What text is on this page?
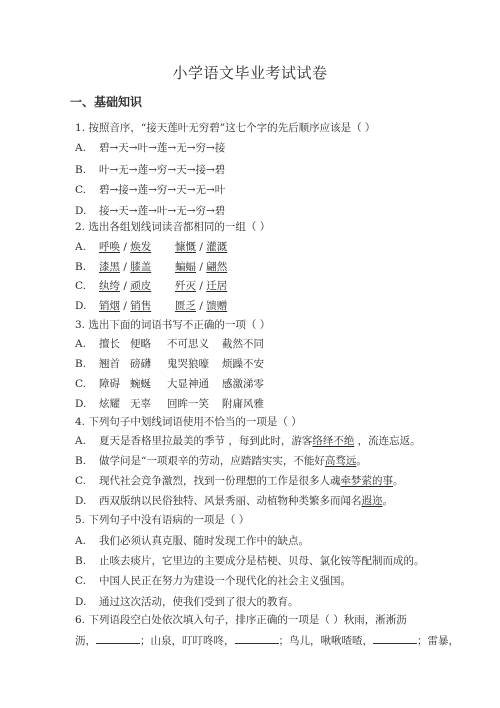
小学语文毕业考试试卷
一、基础知识
1. 按照音序，“接天莲叶无穷碧”这七个字的先后顺序应该是（ ）
A. 碧→天→叶→莲→无→穷→接
B. 叶→无→莲→穷→天→接→碧
C. 碧→接→莲→穷→天→无→叶
D. 接→天→莲→叶→无→穷→碧
2. 选出各组划线词读音都相同的一组（ ）
A. 呼唤 / 焕发 慷慨 / 灌溉
B. 漆黑 / 膝盖 蝙蝠 / 翩然
C. 纨绔 / 顽皮 歼灭 / 迁居
D. 销烟 / 销售 匮乏 / 馈赠
3. 选出下面的词语书写不正确的一项（ ）
A. 擅长 便略 不可思义 截然不同
B. 翘首 磅礴 鬼哭狼嚎 烦躁不安
C. 障碍 蜿蜒 大显神通 感激涕零
D. 炫耀 无辜 回眸一笑 附庸风雅
4. 下列句子中划线词语使用不恰当的一项是（ ）
A. 夏天是香格里拉最美的季节 ，每到此时，游客络绎不绝 ，流连忘返。
B. 做学问是“一项艰辛的劳动，应踏踏实实，不能好高骛远。
C. 现代社会竞争激烈，找到一份理想的工作是很多人魂牵梦萦的事。
D. 西双版纳以民俗独特、风景秀丽、动植物种类繁多而闻名遐迩。
5. 下列句子中没有语病的一项是（ ）
A. 我们必须认真克服、随时发现工作中的缺点。
B. 止咳去痰片，它里边的主要成分是桔梗、贝母、氯化铵等配制而成的。
C. 中国人民正在努力为建设一个现代化的社会主义强国。
D. 通过这次活动，使我们受到了很大的教育。
6. 下列语段空白处依次填入句子，排序正确的一项是（ ）秋雨，淅淅沥
沥，	；山泉，叮叮咚咚，	；鸟儿，啾啾喳喳，	；雷暴，
